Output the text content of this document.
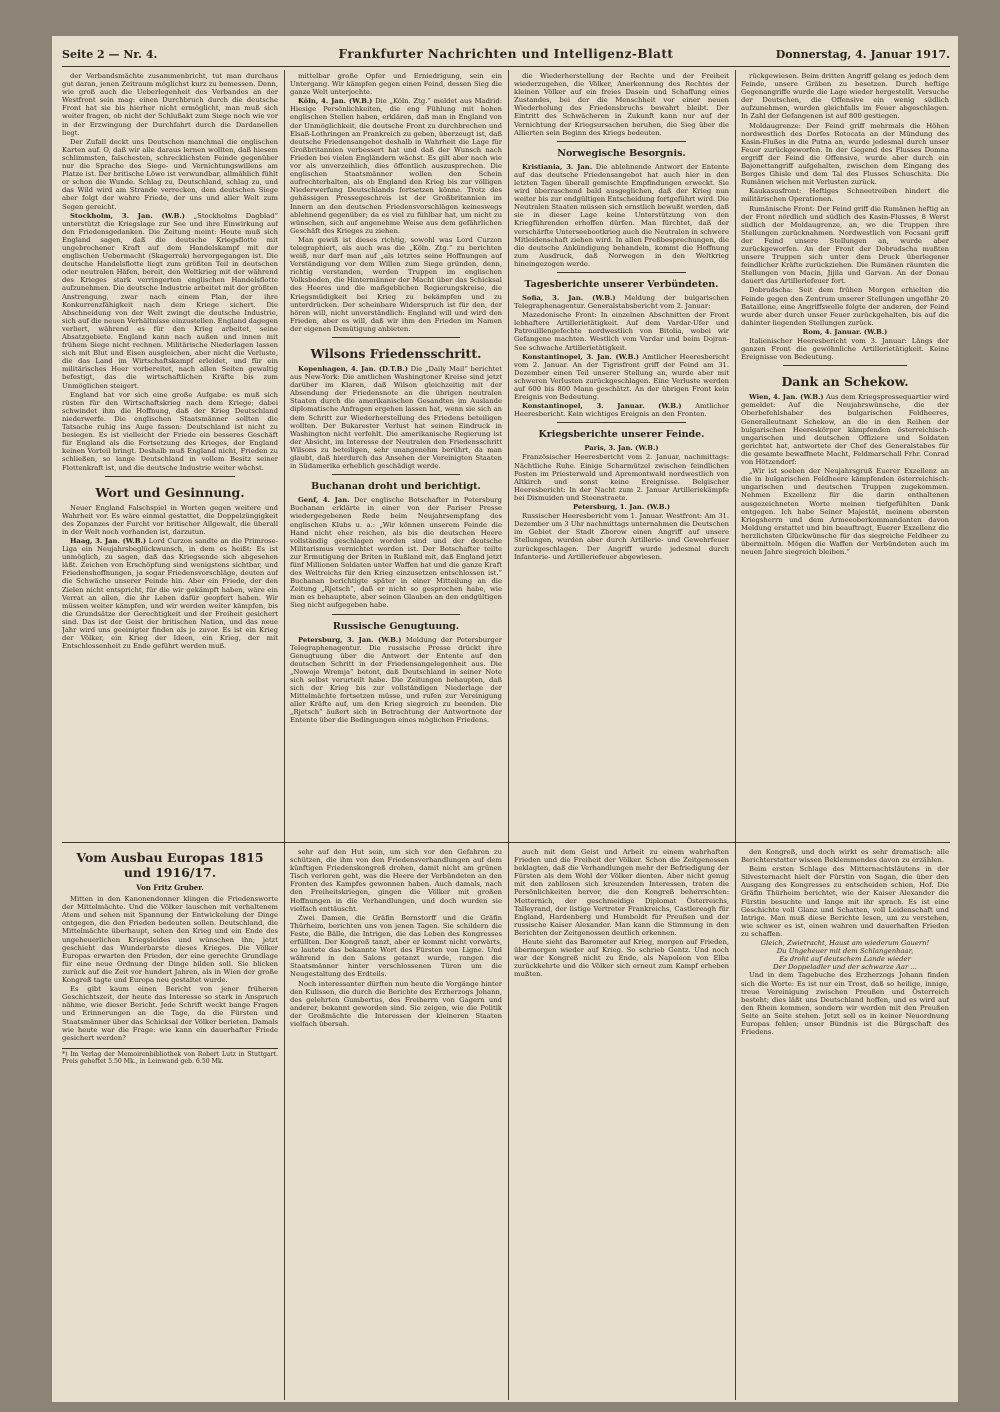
Seite 2 — Nr. 4.	Frankfurter Nachrichten und Intelligenz-Blatt	Donnerstag, 4. Januar 1917.

der Verbandsmächte zusammenbricht, tut man durchaus gut daran, jenen Zeitraum möglichst kurz zu bemessen. Denn, wie groß auch die Ueberlegenheit des Verbandes an der Westfront sein mag: einen Durchbruch durch die deutsche Front hat sie bis hierher nicht ermöglicht, man muß sich weiter fragen, ob nicht der Schlußakt zum Siege noch wie vor in der Erzwingung der Durchfahrt durch die Dardanellen liegt.

Der Zufall deckt uns Deutschen manchmal die englischen Karten auf. O, daß wir alle daraus lernen wollten, daß hiesem schlimmsten, falschesten, schrecklichsten Feinde gegenüber nur die Sprache des Siege- und Vernichtungswillens am Platze ist. Der britische Löwe ist verwundbar, allmählich fühlt er schon die Wunde. Schlag zu, Deutschland, schlag zu, und das Wild wird am Strande verrecken, dem deutschen Siege aber folgt der wahre Friede, der uns und aller Welt zum Segen gereicht.

Stockholm, 3. Jan. (W.B.) „Stockholms Dagblad“ unterstützt die Kriegslage zur See und ihre Einwirkung auf den Friedensgedanken. Die Zeitung meint: Heute muß sich England sagen, daß die deutsche Kriegsflotte mit ungebrochener Kraft auf dem Handelskampf mit der englischen Uebermacht (Skagerrak) hervorgegangen ist. Die deutsche Handelsflotte liegt zum größten Teil in deutschen oder neutralen Häfen, bereit, den Weltkrieg mit der während des Krieges stark verringerten englischen Handelsflotte aufzunehmen. Die deutsche Industrie arbeitet mit der größten Anstrengung, zwar nach einem Plan, der ihre Konkurrenzfähigkeit nach dem Kriege sichert. Die Abschneidung von der Welt zwingt die deutsche Industrie, sich auf die neuen Verhältnisse einzustellen. England dagegen verliert, während es für den Krieg arbeitet, seine Absatzgebiete. England kann nach außen und innen mit frühem Siege nicht rechnen. Militärische Niederlagen lassen sich mit Blut und Eisen ausgleichen, aber nicht die Verluste, die das Land im Wirtschaftskampf erleidet, und für ein militärisches Heer vorbereitet, nach allen Seiten gewaltig befestigt, das die wirtschaftlichen Kräfte bis zum Unmöglichen steigert.

England hat vor sich eine große Aufgabe: es muß sich rüsten für den Wirtschaftskrieg nach dem Kriege; dabei schwindet ihm die Hoffnung, daß der Krieg Deutschland niederwerfe. Die englischen Staatsmänner sollten die Tatsache ruhig ins Auge fassen: Deutschland ist nicht zu besiegen. Es ist vielleicht der Friede ein besseres Geschäft für England als die Fortsetzung des Krieges, der England keinen Vorteil bringt. Deshalb muß England nicht, Frieden zu schließen, so lange Deutschland in vollem Besitz seiner Flottenkraft ist, und die deutsche Industrie weiter wächst.

Wort und Gesinnung.

Neuer England Falschspiel in Worten gegen weitere und Wahrheit vor. Es wäre einmal gestattet, die Doppelzüngigkeit des Zopanzes der Furcht vor britischer Allgewalt, die überall in der Welt noch vorhanden ist, darzutun.

Haag, 3. Jan. (W.B.) Lord Curzon sandte an die Primrose-Liga ein Neujahrsbeglückwunsch, in dem es heißt: Es ist unmöglich, zu sagen, daß das Kriegsende sich abgesehen läßt. Zeichen von Erschöpfung sind wenigstens sichtbar, und Friedenshoffnungen, ja sogar Friedensvorschläge, deuten auf die Schwäche unserer Feinde hin. Aber ein Friede, der den Zielen nicht entspricht, für die wir gekämpft haben, wäre ein Verrat an allen, die ihr Leben dafür geopfert haben. Wir müssen weiter kämpfen, und wir werden weiter kämpfen, bis die Grundsätze der Gerechtigkeit und der Freiheit gesichert sind. Das ist der Geist der britischen Nation, und das neue Jahr wird uns geeinigter finden als je zuvor. Es ist ein Krieg der Völker, ein Krieg der Ideen, ein Krieg, der mit Entschlossenheit zu Ende geführt werden muß.

mittelbar große Opfer und Erniedrigung, sein ein Untergang. Wir kämpfen gegen einen Feind, dessen Sieg die ganze Welt unterjochte.

Köln, 4. Jan. (W.B.) Die „Köln. Ztg.“ meldet aus Madrid: Hiesige Persönlichkeiten, die eng Fühlung mit hohen englischen Stellen haben, erklären, daß man in England von der Unmöglichkeit, die deutsche Front zu durchbrechen und Elsaß-Lothringen an Frankreich zu geben, überzeugt ist, daß deutsche Friedensangebot deshalb in Wahrheit die Lage für Großbritannien verbessert hat und daß der Wunsch nach Frieden bei vielen Engländern wächst. Es gilt aber nach wie vor als unverzeihlich, dies öffentlich auszusprechen. Die englischen Staatsmänner wollen den Schein aufrechterhalten, als ob England den Krieg bis zur völligen Niederwerfung Deutschlands fortsetzen könne. Trotz des gehässigen Pressegeschreis ist der Großbritannien im Innern an den deutschen Friedensvorschlägen keineswegs ablehnend gegenüber; da es viel zu fühlbar hat, um nicht zu wünschen, sich auf angenehme Weise aus dem gefährlichen Geschäft des Krieges zu ziehen.

Man gewiß ist dieses richtig, sowohl was Lord Curzon telegraphiert, als auch was die „Köln. Ztg.“ zu berichten weiß, nur darf man auf „als letztes seine Hoffnungen auf Verständigung vor dem Willen zum Siege gründen, denn, richtig verstanden, werden Truppen im englischen Volksboden, die Hintermänner der Macht über das Schicksal des Heeres und die maßgeblichen Regierungskreise, die Kriegsmüdigkeit bei Krieg zu bekämpfen und zu unterdrücken. Der scheinbare Widerspruch ist für den, der hören will, nicht unverständlich: England will und wird den Frieden, aber es will, daß wir ihm den Frieden im Namen der eigenen Demütigung anbieten.

Wilsons Friedensschritt.

Kopenhagen, 4. Jan. (D.T.B.) Die „Daily Mail“ berichtet aus New-York: Die amtlichen Washingtoner Kreise sind jetzt darüber im Klaren, daß Wilson gleichzeitig mit der Absendung der Friedensnote an die übrigen neutralen Staaten durch die amerikanischen Gesandten im Auslande diplomatische Anfragen ergehen lassen hat, wenn sie sich an dem Schritt zur Wiederherstellung des Friedens beteiligen wollten. Der Bukarester Verlust hat seinen Eindruck in Washington nicht verfehlt. Die amerikanische Regierung ist der Absicht, im Interesse der Neutralen den Friedensschritt Wilsons zu beteiligen, sehr unangenehm berührt, da man glaubt, daß hierdurch das Ansehen der Vereinigten Staaten in Südamerika erheblich geschädigt werde.

Buchanan droht und berichtigt.

Genf, 4. Jan. Der englische Botschafter in Petersburg Buchanan erklärte in einer von der Pariser Presse wiedergegebenen Rede beim Neujahrsempfang des englischen Klubs u. a.: „Wir können unserem Feinde die Hand nicht eher reichen, als bis die deutschen Heere vollständig geschlagen worden sind und der deutsche Militarismus vernichtet worden ist. Der Botschafter teilte zur Ermutigung der Briten in Rußland mit, daß England jetzt fünf Millionen Soldaten unter Waffen hat und die ganze Kraft des Weltreichs für den Krieg einzusetzen entschlossen ist.“ Buchanan berichtigte später in einer Mitteilung an die Zeitung „Rjetsch“, daß er nicht so gesprochen habe, wie man es behauptete, aber seinen Glauben an den endgültigen Sieg nicht aufgegeben habe.

Russische Genugtuung.

Petersburg, 3. Jan. (W.B.) Meldung der Petersburger Telegraphenagentur. Die russische Presse drückt ihre Genugtuung über die Antwort der Entente auf den deutschen Schritt in der Friedensangelegenheit aus. Die „Nowoje Wremja“ betont, daß Deutschland in seiner Note sich selbst verurteilt habe. Die Zeitungen behaupten, daß sich der Krieg bis zur vollständigen Niederlage der Mittelmächte fortsetzen müsse, und rufen zur Vereinigung aller Kräfte auf, um den Krieg siegreich zu beenden. Die „Rjetsch“ äußert sich in Betrachtung der Antwortnote der Entente über die Bedingungen eines möglichen Friedens.

die Wiederherstellung der Rechte und der Freiheit wiederzugeben, die Völker, Anerkennung des Rechtes der kleinen Völker auf ein freies Dasein und Schaffung eines Zustandes, bei der die Menschheit vor einer neuen Wiederholung des Friedensbruchs bewahrt bleibt. Der Eintritt des Schwächeren in Zukunft kann nur auf der Vernichtung der Kriegsursachen beruhen, die Sieg über die Allierten sein Beginn des Kriegs bedeuten.

Norwegische Besorgnis.

Kristiania, 3. Jan. Die ablehnende Antwort der Entente auf das deutsche Friedensangebot hat auch hier in den letzten Tagen überall gemischte Empfindungen erweckt. Sie wird überraschend bald ausgeglichen, daß der Krieg nun weiter bis zur endgültigen Entscheidung fortgeführt wird. Die Neutralen Staaten müssen sich ernstlich bewußt werden, daß sie in dieser Lage keine Unterstützung von den Kriegführenden erhoffen dürfen. Man fürchtet, daß der verschärfte Unterseebootkrieg auch die Neutralen in schwere Mitleidenschaft ziehen wird. In allen Preßbesprechungen, die die deutsche Ankündigung behandeln, kommt die Hoffnung zum Ausdruck, daß Norwegen in den Weltkrieg hineingezogen werde.

Tagesberichte unserer Verbündeten.

Sofia, 3. Jan. (W.B.) Meldung der bulgarischen Telegraphenagentur. Generalstabsbericht vom 2. Januar:

Mazedonische Front: In einzelnen Abschnitten der Front lebhaftere Artillerietätigkeit. Auf dem Vardar-Ufer und Patrouillengefechte nordwestlich von Bitolia, wobei wir Gefangene machten. Westlich vom Vardar und beim Dojran-See schwache Artillerietätigkeit.

Konstantinopel, 3. Jan. (W.B.) Amtlicher Heeresbericht vom 2. Januar. An der Tigrisfront griff der Feind am 31. Dezember einen Teil unserer Stellung an, wurde aber mit schweren Verlusten zurückgeschlagen. Eine Verluste werden auf 600 bis 800 Mann geschätzt. An der übrigen Front kein Ereignis von Bedeutung.

Konstantinopel, 3. Januar. (W.B.) Amtlicher Heeresbericht. Kein wichtiges Ereignis an den Fronten.

Kriegsberichte unserer Feinde.

Paris, 3. Jan. (W.B.)

Französischer Heeresbericht vom 2. Januar, nachmittags: Nächtliche Ruhe. Einige Scharmützel zwischen feindlichen Posten im Priesterwald und Apremontwald nordwestlich von Altkirch und sonst keine Ereignisse. Belgischer Heeresbericht: In der Nacht zum 2. Januar Artilleriekämpfe bei Dixmuiden und Steenstraete.

Petersburg, 1. Jan. (W.B.)

Russischer Heeresbericht vom 1. Januar. Westfront: Am 31. Dezember um 3 Uhr nachmittags unternahmen die Deutschen im Gebiet der Stadt Zborow einen Angriff auf unsere Stellungen, wurden aber durch Artillerie- und Gewehrfeuer zurückgeschlagen. Der Angriff wurde jedesmal durch Infanterie- und Artilleriefeuer abgewiesen.

rückgewiesen. Beim dritten Angriff gelang es jedoch dem Feinde, unsere Gräben zu besetzen. Durch heftige Gegenangriffe wurde die Lage wieder hergestellt. Versuche der Deutschen, die Offensive ein wenig südlich aufzunehmen, wurden gleichfalls im Feuer abgeschlagen. In Zahl der Gefangenen ist auf 800 gestiegen.

Moldaugrenze: Der Feind griff mehrmals die Höhen nordwestlich des Dorfes Rotocata an der Mündung des Kasin-Flußes in die Putna an, wurde jedesmal durch unser Feuer zurückgeworfen. In der Gegend des Flusses Domna ergriff der Feind die Offensive, wurde aber durch ein Bajonettangriff aufgehalten, zwischen dem Eingang des Berges Ghisle und dem Tal des Flusses Schuschita. Die Rumänen wichen mit Verlusten zurück.

Kaukasusfront: Heftiges Schneetreiben hindert die militärischen Operationen.

Rumänische Front: Der Feind griff die Rumänen heftig an der Front nördlich und südlich des Kasin-Flusses, 8 Werst südlich der Moldaugrenze, an, wo die Truppen ihre Stellungen zurücknahmen. Nordwestlich von Focsani griff der Feind unsere Stellungen an, wurde aber zurückgeworfen. An der Front der Dobrudscha mußten unsere Truppen sich unter dem Druck überlegener feindlicher Kräfte zurückziehen. Die Rumänen räumten die Stellungen von Macin, Jijila und Garvan. An der Donau dauert das Artilleriefeuer fort.

Dobrudscha: Seit dem frühen Morgen erhielten die Feinde gegen den Zentrum unserer Stellungen ungefähr 20 Bataillone, eine Angriffswelle folgte der anderen, der Feind wurde aber durch unser Feuer zurückgehalten, bis auf die dahinter liegenden Stellungen zurück.

Rom, 4. Januar. (W.B.)

Italienischer Heeresbericht vom 3. Januar: Längs der ganzen Front die gewöhnliche Artillerietätigkeit. Keine Ereignisse von Bedeutung.

Dank an Schekow.

Wien, 4. Jan. (W.B.) Aus dem Kriegspressequartier wird gemeldet: Auf die Neujahrswünsche, die der Oberbefehlshaber des bulgarischen Feldheeres, Generalleutnant Schekow, an die in den Reihen der bulgarischen Heereskörper kämpfenden österreichisch-ungarischen und deutschen Offiziere und Soldaten gerichtet hat, antwortete der Chef des Generalstabes für die gesamte bewaffnete Macht, Feldmarschall Frhr. Conrad von Hötzendorf:

„Wir ist soeben der Neujahrsgruß Euerer Exzellenz an die in bulgarischen Feldheere kämpfenden österreichisch-ungarischen und deutschen Truppen zugekommen. Nehmen Exzellenz für die darin enthaltenen ausgezeichneten Worte meinen tiefgefühlten Dank entgegen. Ich habe Seiner Majestät, meinem obersten Kriegsherrn und dem Armeeoberkommandanten davon Meldung erstattet und bin beauftragt, Euerer Exzellenz die herzlichsten Glückwünsche für das siegreiche Feldheer zu übermitteln. Mögen die Waffen der Verbündeten auch im neuen Jahre siegreich bleiben.“

Vom Ausbau Europas 1815 und 1916/17.
Von Fritz Gruber.

Mitten in den Kanonendonner klingen die Friedensworte der Mittelmächte. Und die Völker lauschen mit verhaltenem Atem und sehen mit Spannung der Entwickelung der Dinge entgegen, die den Frieden bedeuten sollen. Deutschland, die Mittelmächte überhaupt, sehen den Krieg und ein Ende des ungeheuerlichen Kriegsleides und wünschen ihn; jetzt geschieht das Wunderbarste dieses Krieges. Die Völker Europas erwarten den Frieden, der eine gerechte Grundlage für eine neue Ordnung der Dinge bilden soll. Sie blicken zurück auf die Zeit vor hundert Jahren, als in Wien der große Kongreß tagte und Europa neu gestaltet wurde.

Es gibt kaum einen Bericht von jener früheren Geschichtszeit, der heute das Interesse so stark in Anspruch nähme, wie dieser Bericht. Jede Schrift weckt bange Fragen und Erinnerungen an die Tage, da die Fürsten und Staatsmänner über das Schicksal der Völker berieten. Damals wie heute war die Frage: wie kann ein dauerhafter Friede gesichert werden?

*) Im Verlag der Memoirenbibliothek von Robert Lutz in Stuttgart. Preis geheftet 5.50 Mk., in Leinwand geb. 6.50 Mk.

sehr auf den Hut sein, um sich vor den Gefahren zu schützen, die ihm von den Friedensverhandlungen auf dem künftigen Friedenskongreß drohen, damit nicht am grünen Tisch verloren geht, was die Heere der Verbündeten an den Fronten des Kampfes gewonnen haben. Auch damals, nach den Freiheitskriegen, gingen die Völker mit großen Hoffnungen in die Verhandlungen, und doch wurden sie vielfach enttäuscht.

Zwei Damen, die Gräfin Bernstorff und die Gräfin Thürheim, berichten uns von jenen Tagen. Sie schildern die Feste, die Bälle, die Intrigen, die das Leben des Kongresses erfüllten. Der Kongreß tanzt, aber er kommt nicht vorwärts, so lautete das bekannte Wort des Fürsten von Ligne. Und während in den Salons getanzt wurde, rangen die Staatsmänner hinter verschlossenen Türen um die Neugestaltung des Erdteils.

Noch interessanter dürften nun heute die Vorgänge hinter den Kulissen, die durch die Berichte des Erzherzogs Johann, des gelehrten Gumbertus, des Freiherrn von Gagern und anderer, bekannt geworden sind. Sie zeigen, wie die Politik der Großmächte die Interessen der kleineren Staaten vielfach übersah.

auch mit dem Geist und Arbeit zu einem wahrhaften Frieden und die Freiheit der Völker. Schon die Zeitgenossen beklagten, daß die Verhandlungen mehr der Befriedigung der Fürsten als dem Wohl der Völker dienten. Aber nicht genug mit den zahllosen sich kreuzenden Interessen, traten die Persönlichkeiten hervor, die den Kongreß beherrschten: Metternich, der geschmeidige Diplomat Österreichs, Talleyrand, der listige Vertreter Frankreichs, Castlereagh für England, Hardenberg und Humboldt für Preußen und der russische Kaiser Alexander. Man kann die Stimmung in den Berichten der Zeitgenossen deutlich erkennen.

Heute sieht das Barometer auf Krieg, morgen auf Frieden, übermorgen wieder auf Krieg. So schrieb Gentz. Und noch war der Kongreß nicht zu Ende, als Napoleon von Elba zurückkehrte und die Völker sich erneut zum Kampf erheben mußten.

den Kongreß, und doch wirkt es sehr dramatisch: alle Berichterstatter wissen Beklemmendes davon zu erzählen.

Beim ersten Schlage des Mitternachtsläutens in der Silvesternacht hielt der Fürstin von Sagan, die über den Ausgang des Kongresses zu entscheiden schien, Hof. Die Gräfin Thürheim berichtet, wie der Kaiser Alexander die Fürstin besuchte und lange mit ihr sprach. Es ist eine Geschichte voll Glanz und Schatten, voll Leidenschaft und Intrige. Man muß diese Berichte lesen, um zu verstehen, wie schwer es ist, einen wahren und dauerhaften Frieden zu schaffen.

Gleich, Zwietracht, Haust am wiederum Gauern!

Du Ungeheuer mit dem Schlangenhaar,

Es droht auf deutschem Lande wieder

Der Doppeladler und der schwarze Aar ...

Und in dem Tagebuche des Erzherzogs Johann finden sich die Worte: Es ist nur ein Trost, daß so heilige, innige, treue Vereinigung zwischen Preußen und Österreich besteht; dies läßt uns Deutschland hoffen, und es wird auf den Rhein kommen, sondern wir werden mit den Preußen Seite an Seite stehen. Jetzt soll es in keiner Neuordnung Europas fehlen; unser Bündnis ist die Bürgschaft des Friedens.
